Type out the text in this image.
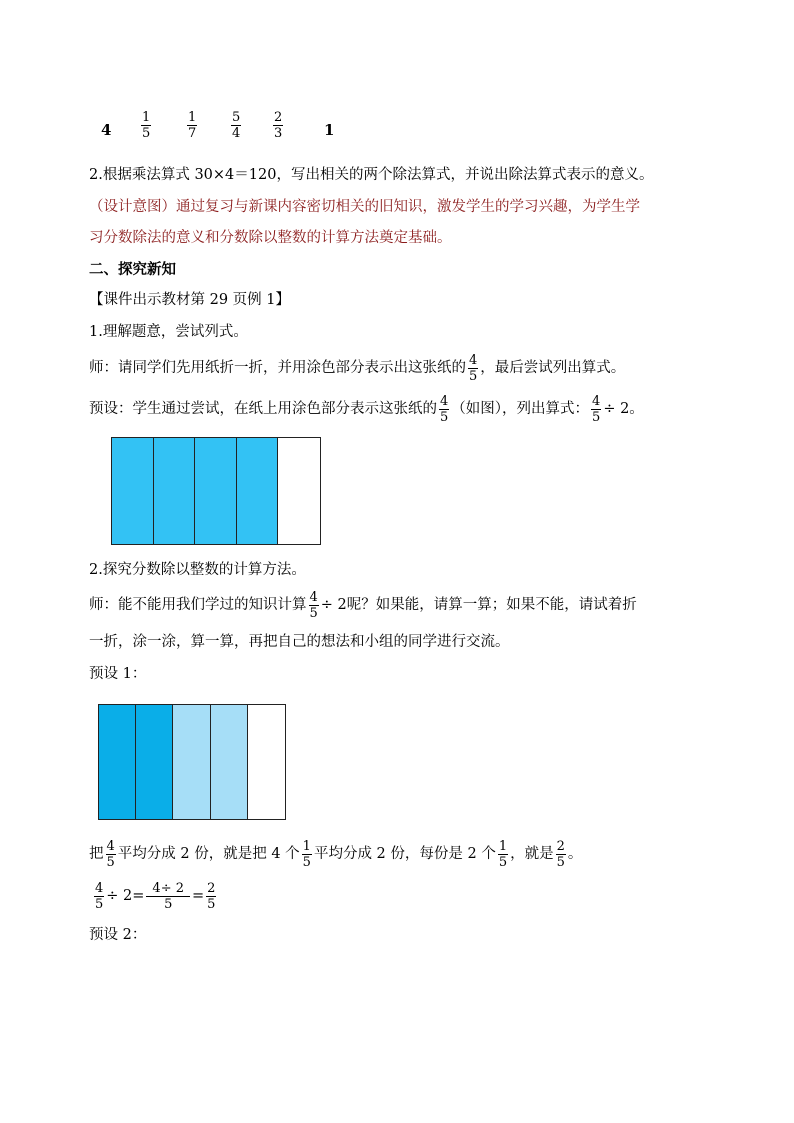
$4 \frac{1}{5}$	$\frac{1}{7}$	$\frac{5}{4} \frac{2}{3}$	1
2.根据乘法算式 30×4＝120，写出相关的两个除法算式，并说出除法算式表示的意义。
（设计意图）通过复习与新课内容密切相关的旧知识，激发学生的学习兴趣，为学生学
习分数除法的意义和分数除以整数的计算方法奠定基础。
二、探究新知
【课件出示教材第 29 页例 1】
1.理解题意，尝试列式。
师：请同学们先用纸折一折，并用涂色部分表示出这张纸的 $\frac{4}{5}$ ，最后尝试列出算式。
预设：学生通过尝试，在纸上用涂色部分表示这张纸的 $\frac{4}{5}$ （如图），列出算式： $\frac{4}{5} \div 2$。
2.探究分数除以整数的计算方法。
师：能不能用我们学过的知识计算 $\frac{4}{5} \div 2$呢？如果能，请算一算；如果不能，请试着折
一折，涂一涂，算一算，再把自己的想法和小组的同学进行交流。
预设 1：
把 $\frac{4}{5}$ 平均分成 2 份，就是把 4 个 $\frac{1}{5}$ 平均分成 2 份，每份是 2 个 $\frac{1}{5}$ ，就是 $\frac{2}{5}$ 。
$\frac{4}{5} \div 2= \frac{4\div 2}{5} = \frac{2}{5}$
预设 2：
